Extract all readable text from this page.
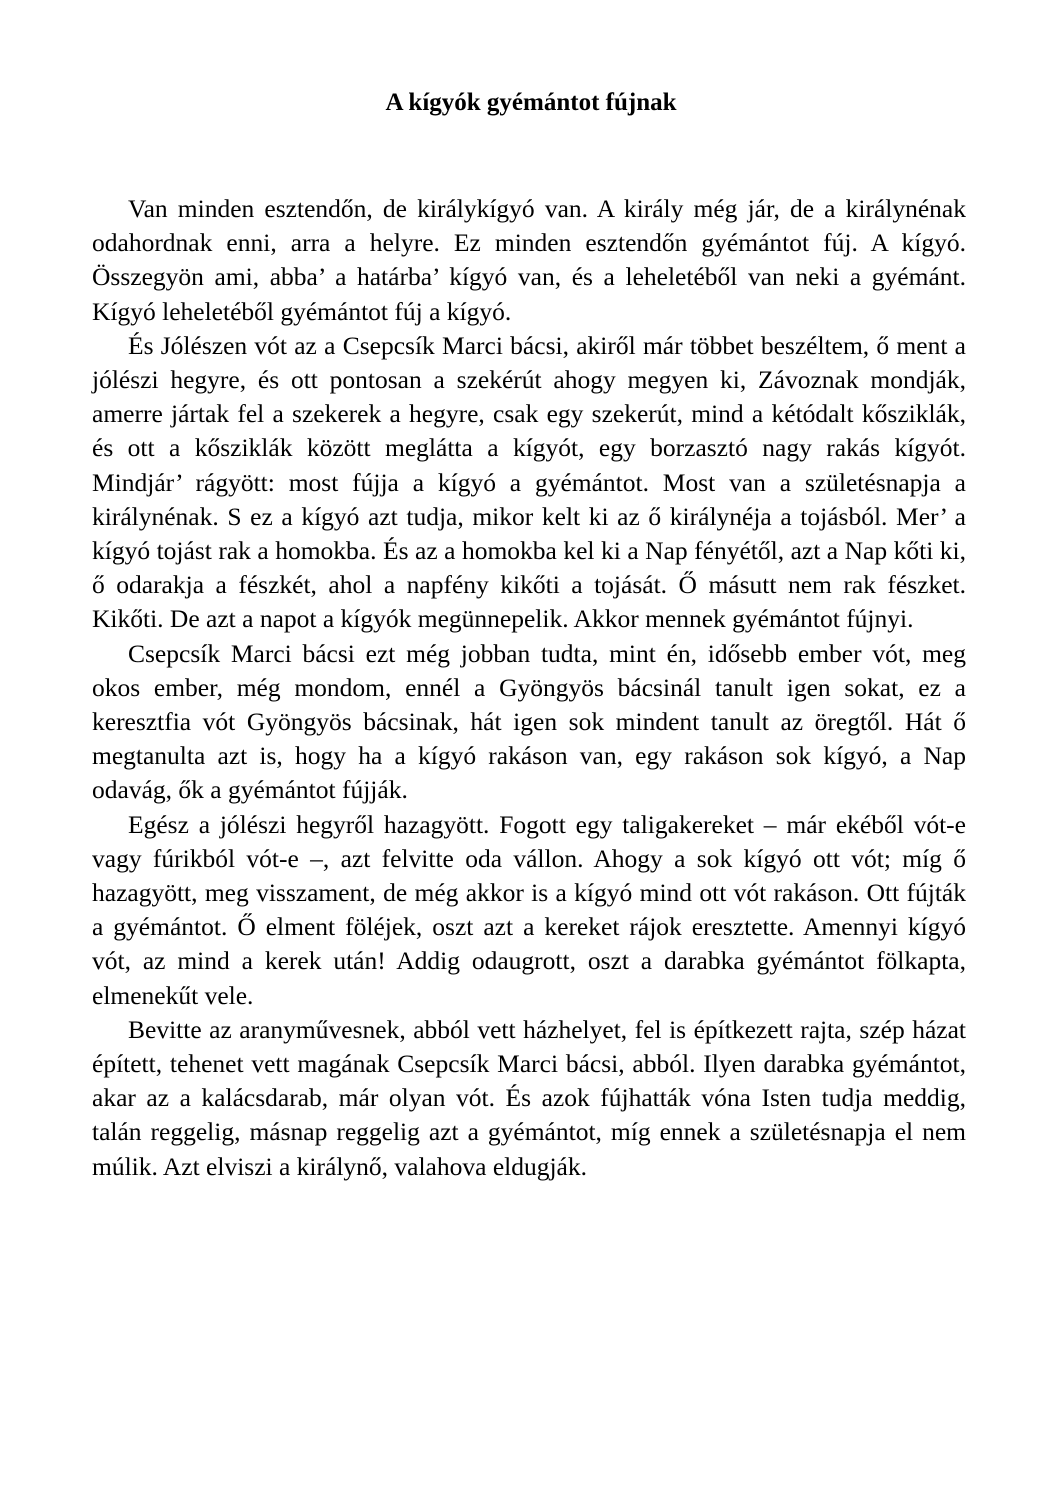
A kígyók gyémántot fújnak

Van minden esztendőn, de királykígyó van. A király még jár, de a királynénak odahordnak enni, arra a helyre. Ez minden esztendőn gyémántot fúj. A kígyó. Összegyön ami, abba’ a határba’ kígyó van, és a leheletéből van neki a gyémánt. Kígyó leheletéből gyémántot fúj a kígyó.

És Jólészen vót az a Csepcsík Marci bácsi, akiről már többet beszéltem, ő ment a jólészi hegyre, és ott pontosan a szekérút ahogy megyen ki, Závoznak mondják, amerre jártak fel a szekerek a hegyre, csak egy szekerút, mind a kétódalt kősziklák, és ott a kősziklák között meglátta a kígyót, egy borzasztó nagy rakás kígyót. Mindjár’ rágyött: most fújja a kígyó a gyémántot. Most van a születésnapja a királynénak. S ez a kígyó azt tudja, mikor kelt ki az ő királynéja a tojásból. Mer’ a kígyó tojást rak a homokba. És az a homokba kel ki a Nap fényétől, azt a Nap kőti ki, ő odarakja a fészkét, ahol a napfény kikőti a tojását. Ő másutt nem rak fészket. Kikőti. De azt a napot a kígyók megünnepelik. Akkor mennek gyémántot fújnyi.

Csepcsík Marci bácsi ezt még jobban tudta, mint én, idősebb ember vót, meg okos ember, még mondom, ennél a Gyöngyös bácsinál tanult igen sokat, ez a keresztfia vót Gyöngyös bácsinak, hát igen sok mindent tanult az öregtől. Hát ő megtanulta azt is, hogy ha a kígyó rakáson van, egy rakáson sok kígyó, a Nap odavág, ők a gyémántot fújják.

Egész a jólészi hegyről hazagyött. Fogott egy taligakereket – már ekéből vót-e vagy fúrikból vót-e –, azt felvitte oda vállon. Ahogy a sok kígyó ott vót; míg ő hazagyött, meg visszament, de még akkor is a kígyó mind ott vót rakáson. Ott fújták a gyémántot. Ő elment föléjek, oszt azt a kereket rájok eresztette. Amennyi kígyó vót, az mind a kerek után! Addig odaugrott, oszt a darabka gyémántot fölkapta, elmenekűt vele.

Bevitte az aranyművesnek, abból vett házhelyet, fel is építkezett rajta, szép házat épített, tehenet vett magának Csepcsík Marci bácsi, abból. Ilyen darabka gyémántot, akar az a kalácsdarab, már olyan vót. És azok fújhatták vóna Isten tudja meddig, talán reggelig, másnap reggelig azt a gyémántot, míg ennek a születésnapja el nem múlik. Azt elviszi a királynő, valahova eldugják.
